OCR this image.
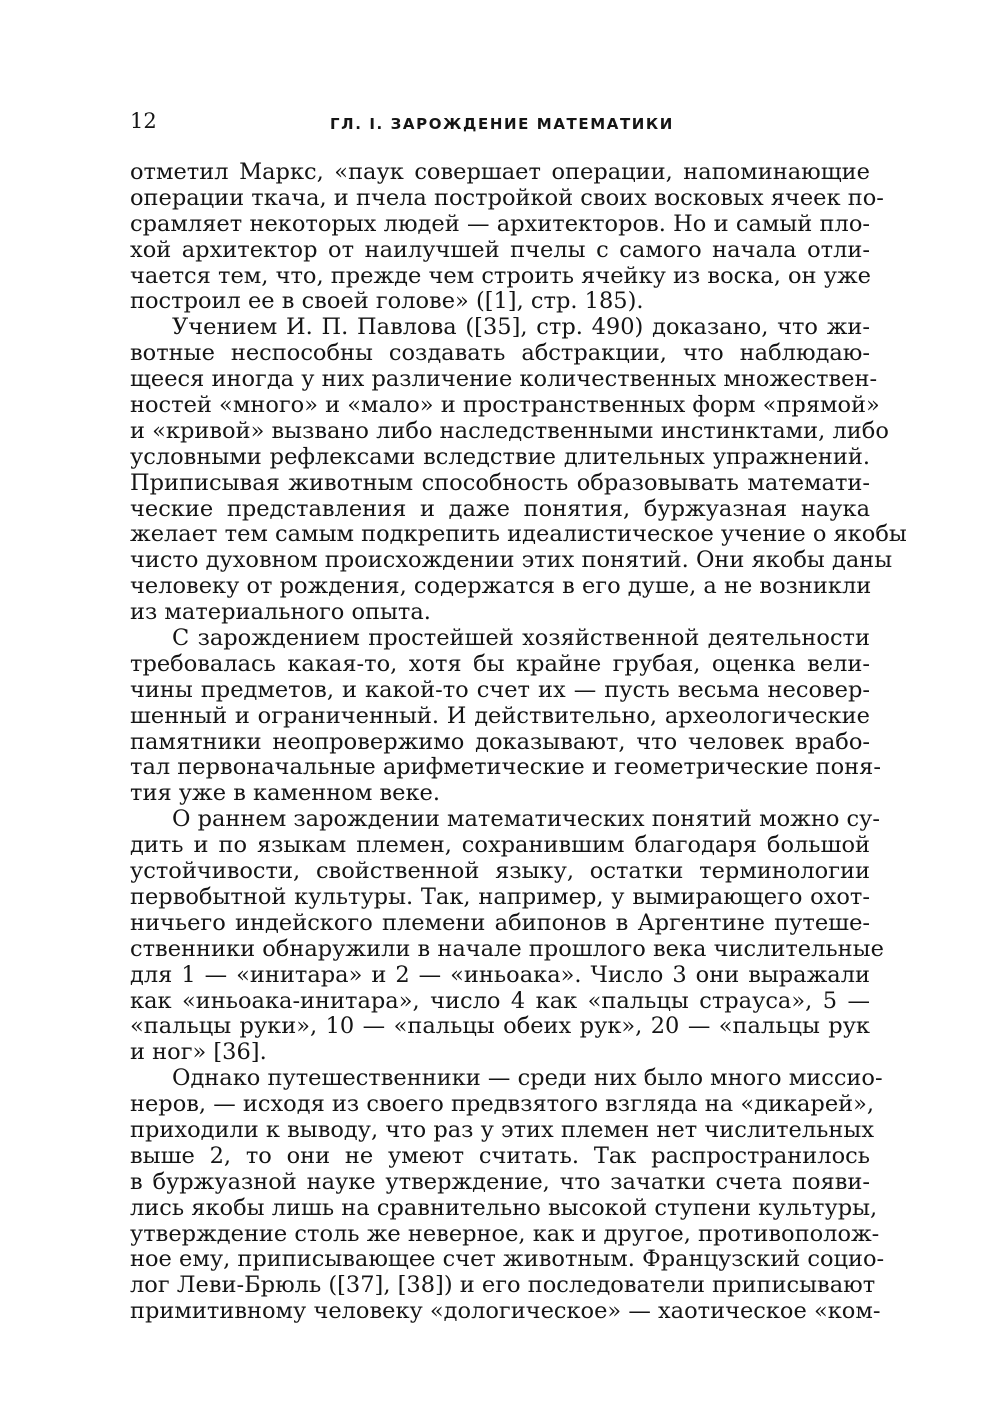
12	ГЛ. I. ЗАРОЖДЕНИЕ МАТЕМАТИКИ
отметил Маркс, «паук совершает операции, напоминающие
операции ткача, и пчела постройкой своих восковых ячеек по-
срамляет некоторых людей — архитекторов. Но и самый пло-
хой архитектор от наилучшей пчелы с самого начала отли-
чается тем, что, прежде чем строить ячейку из воска, он уже
построил ее в своей голове» ([1], стр. 185).
Учением И. П. Павлова ([35], стр. 490) доказано, что жи-
вотные неспособны создавать абстракции, что наблюдаю-
щееся иногда у них различение количественных множествен-
ностей «много» и «мало» и пространственных форм «прямой»
и «кривой» вызвано либо наследственными инстинктами, либо
условными рефлексами вследствие длительных упражнений.
Приписывая животным способность образовывать математи-
ческие представления и даже понятия, буржуазная наука
желает тем самым подкрепить идеалистическое учение о якобы
чисто духовном происхождении этих понятий. Они якобы даны
человеку от рождения, содержатся в его душе, а не возникли
из материального опыта.
С зарождением простейшей хозяйственной деятельности
требовалась какая-то, хотя бы крайне грубая, оценка вели-
чины предметов, и какой-то счет их — пусть весьма несовер-
шенный и ограниченный. И действительно, археологические
памятники неопровержимо доказывают, что человек врабо-
тал первоначальные арифметические и геометрические поня-
тия уже в каменном веке.
О раннем зарождении математических понятий можно су-
дить и по языкам племен, сохранившим благодаря большой
устойчивости, свойственной языку, остатки терминологии
первобытной культуры. Так, например, у вымирающего охот-
ничьего индейского племени абипонов в Аргентине путеше-
ственники обнаружили в начале прошлого века числительные
для 1 — «инитара» и 2 — «иньоака». Число 3 они выражали
как «иньоака-инитара», число 4 как «пальцы страуса», 5 —
«пальцы руки», 10 — «пальцы обеих рук», 20 — «пальцы рук
и ног» [36].
Однако путешественники — среди них было много миссио-
неров, — исходя из своего предвзятого взгляда на «дикарей»,
приходили к выводу, что раз у этих племен нет числительных
выше 2, то они не умеют считать. Так распространилось
в буржуазной науке утверждение, что зачатки счета появи-
лись якобы лишь на сравнительно высокой ступени культуры,
утверждение столь же неверное, как и другое, противополож-
ное ему, приписывающее счет животным. Французский социо-
лог Леви-Брюль ([37], [38]) и его последователи приписывают
примитивному человеку «дологическое» — хаотическое «ком-
